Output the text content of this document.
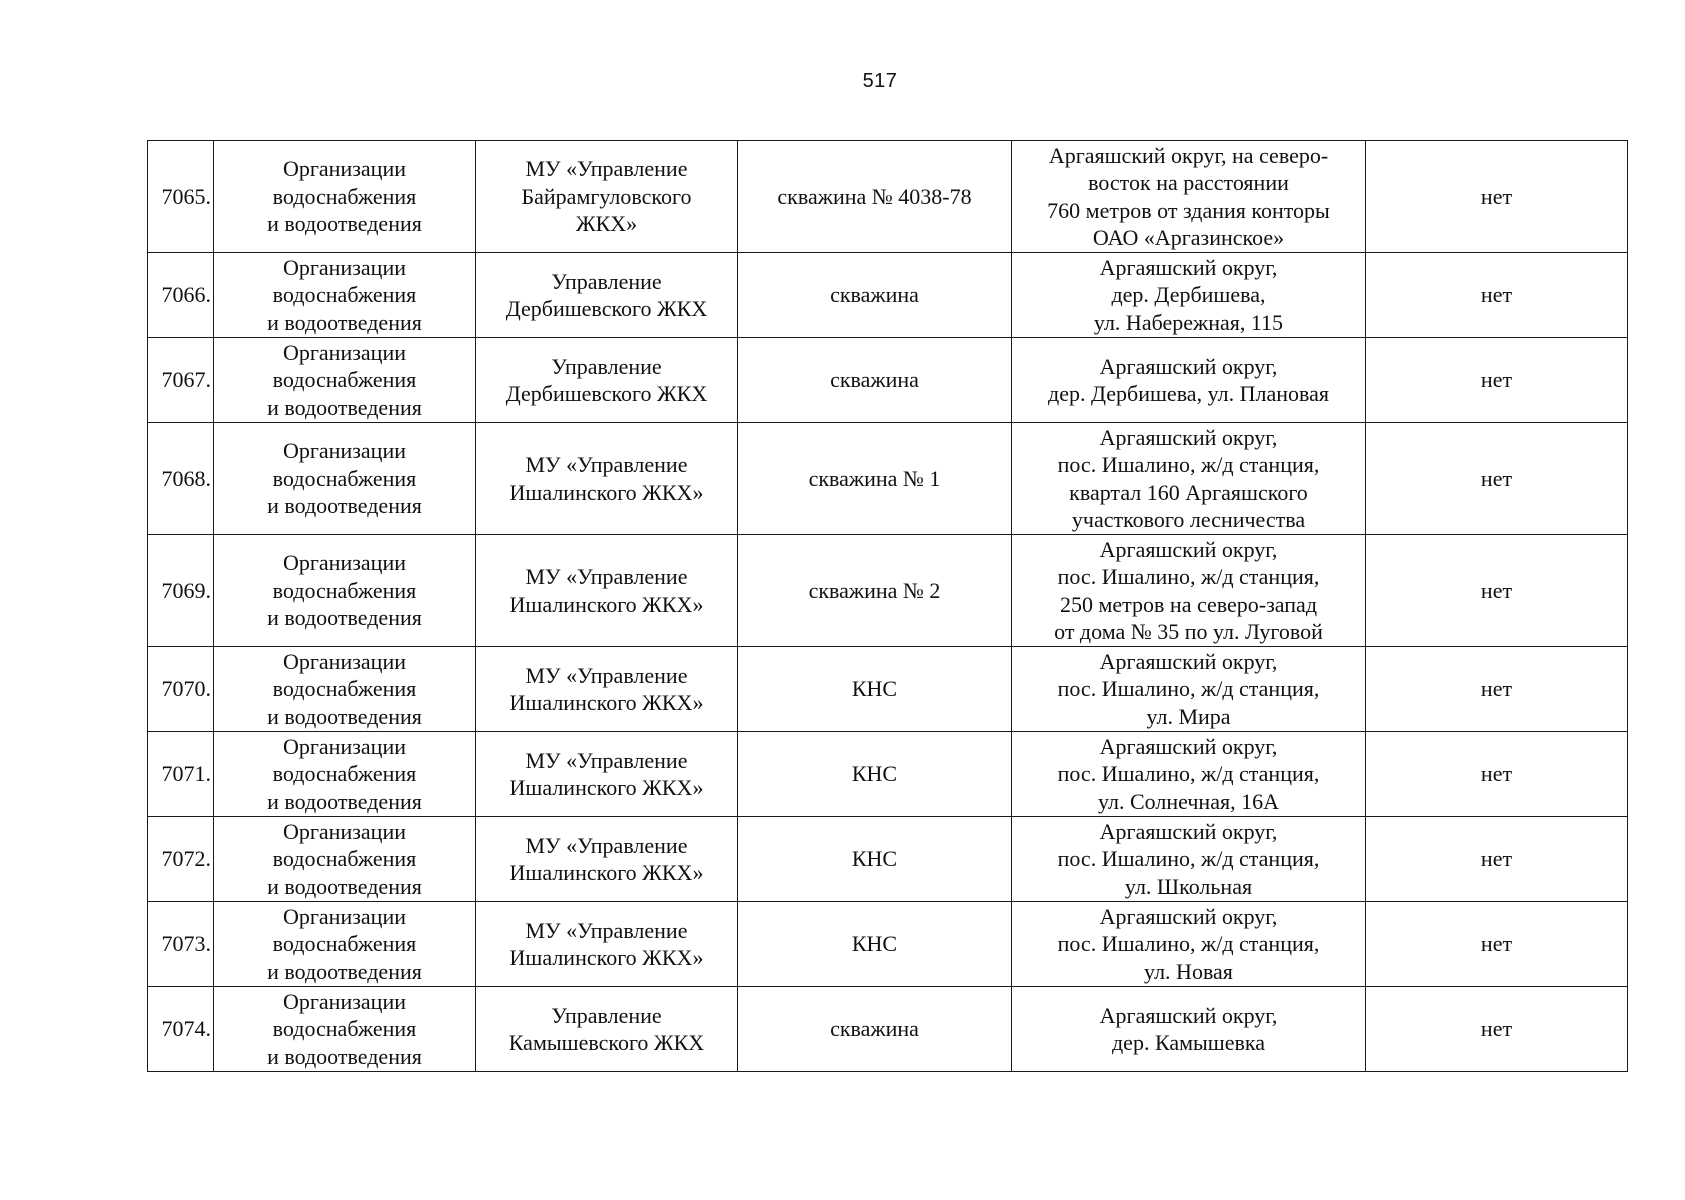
517
7065.	Организации
водоснабжения
и водоотведения	МУ «Управление
Байрамгуловского
ЖКХ»	скважина № 4038-78	Аргаяшский округ, на северо-
восток на расстоянии
760 метров от здания конторы
ОАО «Аргазинское»	нет
7066.	Организации
водоснабжения
и водоотведения	Управление
Дербишевского ЖКХ	скважина	Аргаяшский округ,
дер. Дербишева,
ул. Набережная, 115	нет
7067.	Организации
водоснабжения
и водоотведения	Управление
Дербишевского ЖКХ	скважина	Аргаяшский округ,
дер. Дербишева, ул. Плановая	нет
7068.	Организации
водоснабжения
и водоотведения	МУ «Управление
Ишалинского ЖКХ»	скважина № 1	Аргаяшский округ,
пос. Ишалино, ж/д станция,
квартал 160 Аргаяшского
участкового лесничества	нет
7069.	Организации
водоснабжения
и водоотведения	МУ «Управление
Ишалинского ЖКХ»	скважина № 2	Аргаяшский округ,
пос. Ишалино, ж/д станция,
250 метров на северо-запад
от дома № 35 по ул. Луговой	нет
7070.	Организации
водоснабжения
и водоотведения	МУ «Управление
Ишалинского ЖКХ»	КНС	Аргаяшский округ,
пос. Ишалино, ж/д станция,
ул. Мира	нет
7071.	Организации
водоснабжения
и водоотведения	МУ «Управление
Ишалинского ЖКХ»	КНС	Аргаяшский округ,
пос. Ишалино, ж/д станция,
ул. Солнечная, 16А	нет
7072.	Организации
водоснабжения
и водоотведения	МУ «Управление
Ишалинского ЖКХ»	КНС	Аргаяшский округ,
пос. Ишалино, ж/д станция,
ул. Школьная	нет
7073.	Организации
водоснабжения
и водоотведения	МУ «Управление
Ишалинского ЖКХ»	КНС	Аргаяшский округ,
пос. Ишалино, ж/д станция,
ул. Новая	нет
7074.	Организации
водоснабжения
и водоотведения	Управление
Камышевского ЖКХ	скважина	Аргаяшский округ,
дер. Камышевка	нет
